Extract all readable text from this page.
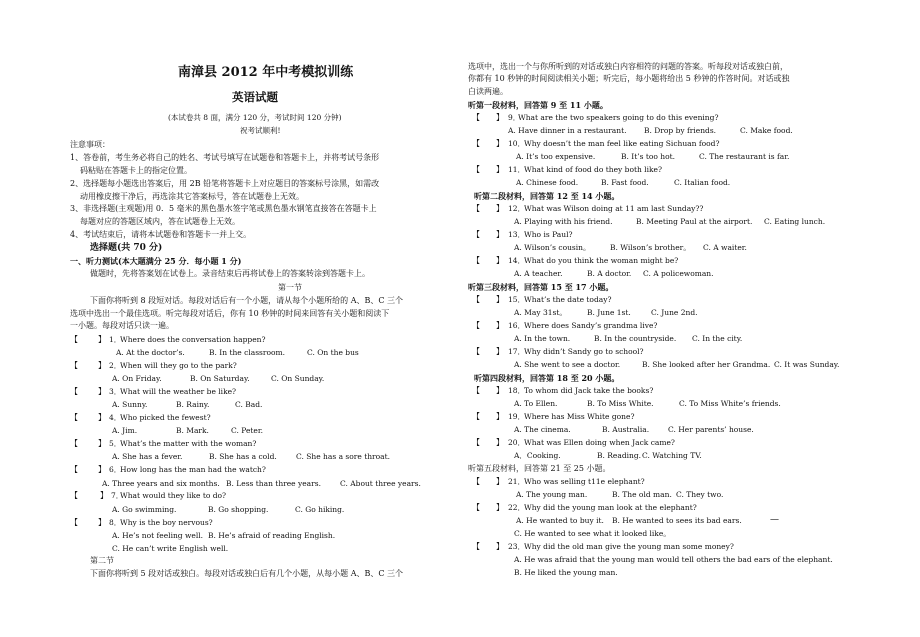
南漳县 2012 年中考模拟训练
英语试题
(本试卷共 8 面，满分 120 分，考试时间 120 分钟)
祝考试顺利!
注意事项：
1、答卷前，考生务必将自己的姓名、考试号填写在试题卷和答题卡上，并将考试号条形
码粘贴在答题卡上的指定位置。
2、选择题每小题选出答案后，用 2B 铅笔将答题卡上对应题目的答案标号涂黑，如需改
动用橡皮擦干净后，再选涂其它答案标号，答在试题卷上无效。
3、非选择题(主观题)用 0．5 毫米的黑色墨水签字笔或黑色墨水钢笔直接答在答题卡上
每题对应的答题区域内，答在试题卷上无效。
4、考试结束后，请将本试题卷和答题卡一并上交。
选择题(共 70 分)
一、听力测试(本大题满分 25 分．每小题 1 分)
做题时，先将答案划在试卷上。录音结束后再将试卷上的答案转涂到答题卡上。
第一节
下面你将听到 8 段短对话。每段对话后有一个小题，请从每个小题所给的 A、B、C 三个
选项中选出一个最佳选项。听完每段对话后，你有 10 秒钟的时间来回答有关小题和阅读下
一小题。每段对话只读一遍。
【	】 1．
Where does the conversation happen?
A. At the doctor’s.	B. In the classroom.	C. On the bus
【	】 2．
When will they go to the park?
A. On Friday.	B. On Saturday.	C. On Sunday.
【	】 3．
What will the weather be like?
A. Sunny.	B. Rainy.	C. Bad.
【	】 4．
Who picked the fewest?
A. Jim.	B. Mark.	C. Peter.
【	】 5．
What’s the matter with the woman?
A. She has a fever.	B. She has a cold.	C. She has a sore throat.
【	】 6．
How long has the man had the watch?
A. Three years and six months. B. Less than three years.	C. About three years.
【	】 7．
What would they like to do?
A. Go swimming.	B. Go shopping.	C. Go hiking.
【	】 8．
Why is the boy nervous?
A. He’s not feeling well. B. He’s afraid of reading English.
C. He can’t write English well.
第二节
下面你将听到 5 段对话或独白。每段对话或独白后有几个小题，从每小题 A、B、C 三个
选项中，选出一个与你所听到的对话或独白内容相符的问题的答案。听每段对话或独白前，
你都有 10 秒钟的时间阅读相关小题；听完后，每小题将给出 5 秒钟的作答时间。对话或独
白读两遍。
听第一段材料，回答第 9 至 11 小题。
【 】 9．
What are the two speakers going to do this evening?
A. Have dinner in a restaurant. B. Drop by friends.	C. Make food.
【 】 10．
Why doesn’t the man feel like eating Sichuan food?
A. It’s too expensive.	B. It’s too hot.	C. The restaurant is far.
【 】 11．
What kind of food do they both like?
A. Chinese food.	B. Fast food.	C. Italian food.
听第二段材料，回答第 12 至 14 小题。
【 】 12．
What was Wilson doing at 11 am last Sunday??
A. Playing with his friend.	B. Meeting Paul at the airport. C. Eating lunch.
【 】 13．
Who is Paul?
A. Wilson’s cousin。	B. Wilson’s brother。 C. A waiter.
【 】 14．
What do you think the woman might be?
A. A teacher.	B. A doctor. C. A policewoman.
听第三段材料，回答第 15 至 17 小题。
【 】 15．
What’s the date today?
A. May 31st。	B. June 1st.	C. June 2nd.
【 】 16．
Where does Sandy’s grandma live?
A. In the town.	B. In the countryside. C. In the city.
【 】 17．
Why didn’t Sandy go to school?
A. She went to see a doctor.	B. She looked after her Grandma. C. It was Sunday.
听第四段材料，回答第 18 至 20 小题。
【 】 18．
To whom did Jack take the books?
A. To Ellen.	B. To Miss White.	C. To Miss White’s friends.
【 】 19．
Where has Miss White gone?
A. The cinema.	B. Australia.	C. Her parents’ house.
【 】 20．
What was Ellen doing when Jack came?
A．Cooking.	B. Reading. C. Watching TV.
听第五段材料，回答第 21 至 25 小题。
【 】 21．
Who was selling t11e elephant?
A. The young man.	B. The old man. C. They two.
【 】 22．
Why did the young man look at the elephant?
A. He wanted to buy it. B. He wanted to sees its bad ears.	—
C. He wanted to see what it looked like。
【 】 23．
Why did the old man give the young man some money?
A. He was afraid that the young man would tell others the bad ears of the elephant.
B. He liked the young man.
